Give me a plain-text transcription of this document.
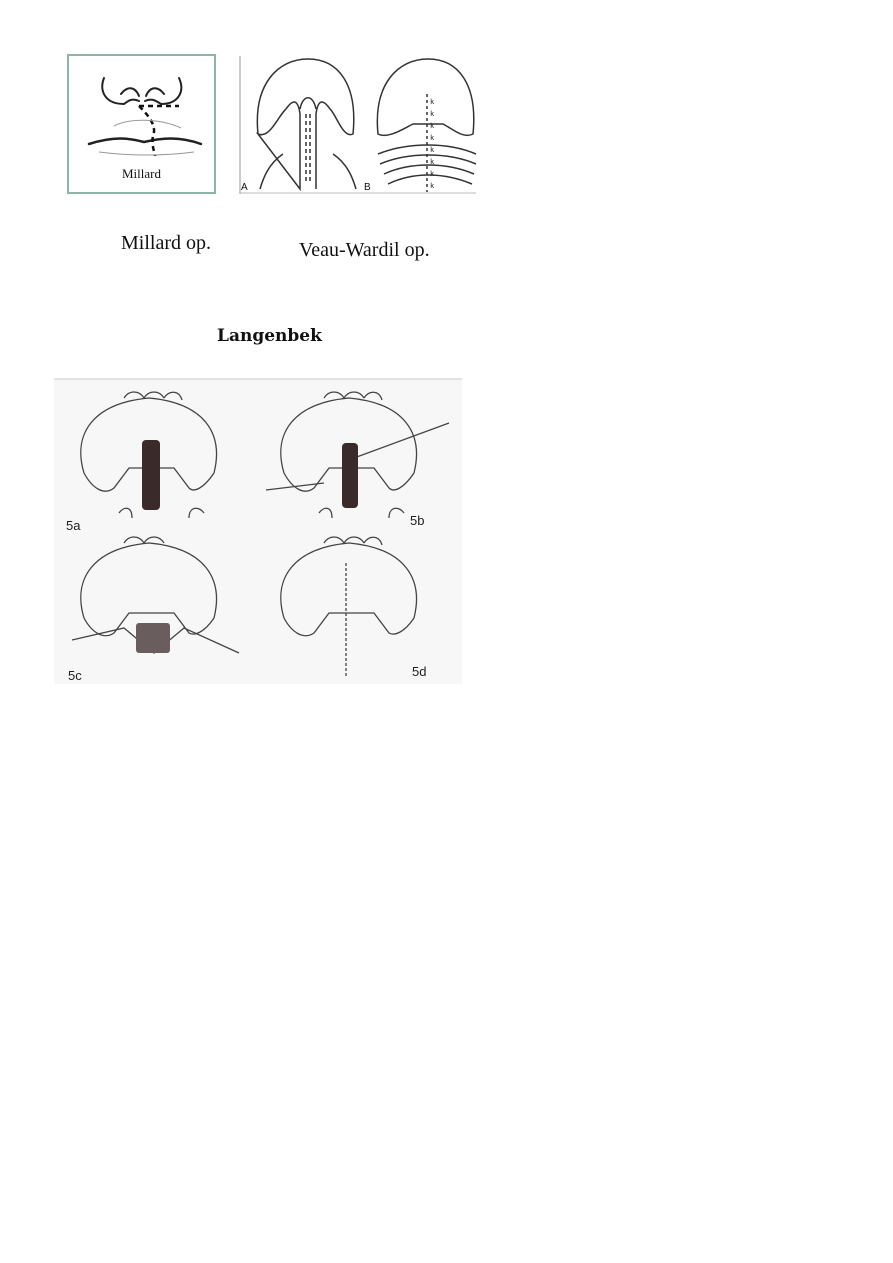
Millard
k
k
k
k
k
k
k
k
A	B
Millard op.	Veau-Wardil op.
Langenbek
5a	5b
5c	5d
